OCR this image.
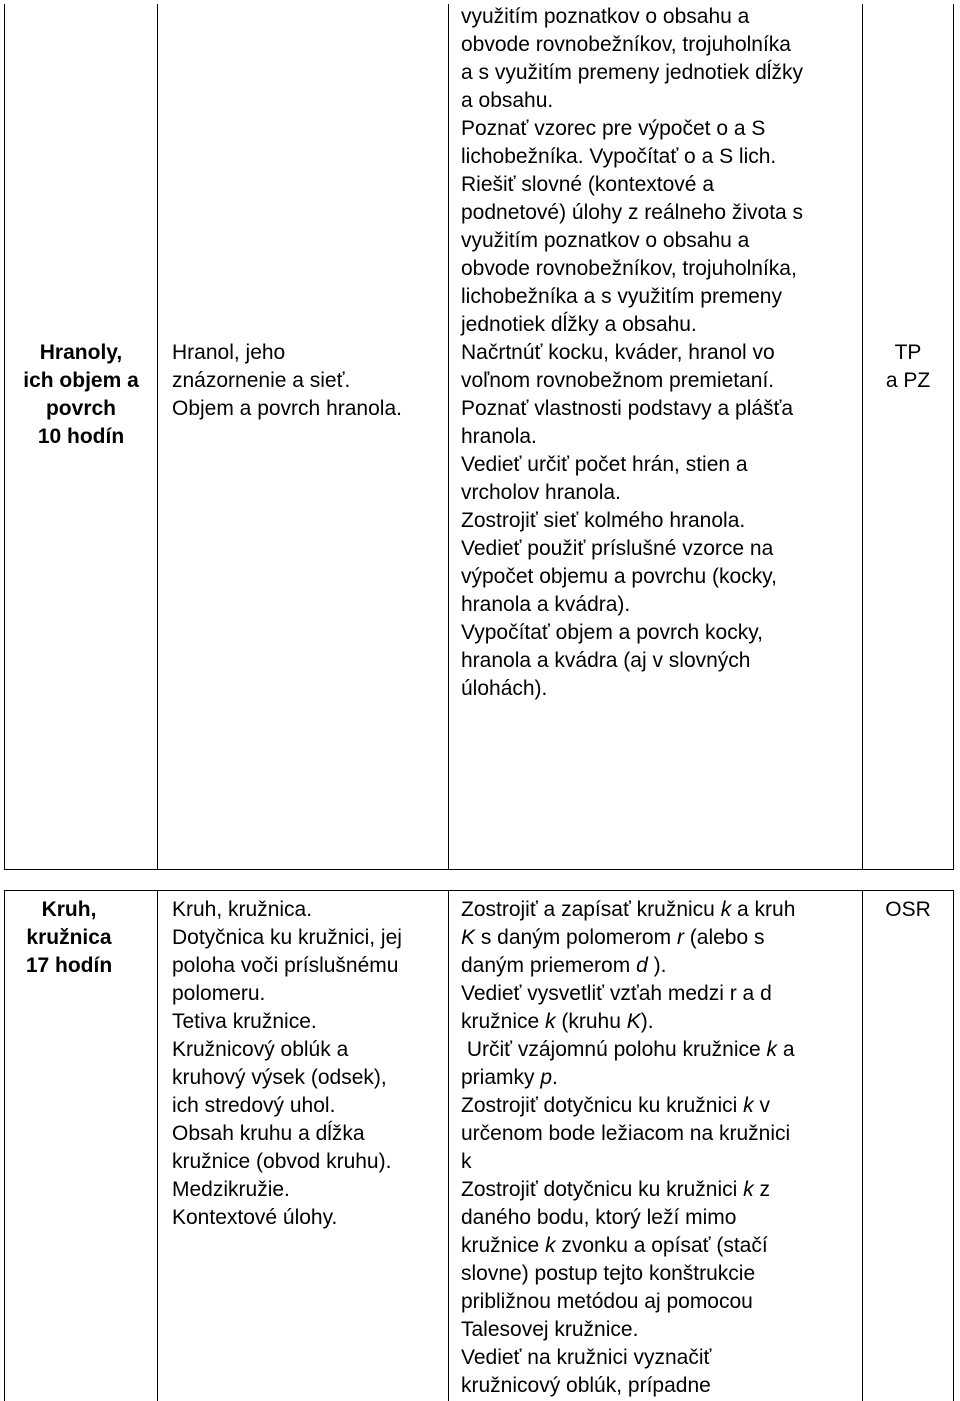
Hranoly,
ich objem a
povrch
10 hodín
Hranol, jeho
znázornenie a sieť.
Objem a povrch hranola.
využitím poznatkov o obsahu a
obvode rovnobežníkov, trojuholníka
a s využitím premeny jednotiek dĺžky
a obsahu.
Poznať vzorec pre výpočet o a S
lichobežníka. Vypočítať o a S lich.
Riešiť slovné (kontextové a
podnetové) úlohy z reálneho života s
využitím poznatkov o obsahu a
obvode rovnobežníkov, trojuholníka,
lichobežníka a s využitím premeny
jednotiek dĺžky a obsahu.
Načrtnúť kocku, kváder, hranol vo
voľnom rovnobežnom premietaní.
Poznať vlastnosti podstavy a plášťa
hranola.
Vedieť určiť počet hrán, stien a
vrcholov hranola.
Zostrojiť sieť kolmého hranola.
Vedieť použiť príslušné vzorce na
výpočet objemu a povrchu (kocky,
hranola a kvádra).
Vypočítať objem a povrch kocky,
hranola a kvádra (aj v slovných
úlohách).
TP
a PZ
Kruh,
kružnica
17 hodín
Kruh, kružnica.
Dotyčnica ku kružnici, jej
poloha voči príslušnému
polomeru.
Tetiva kružnice.
Kružnicový oblúk a
kruhový výsek (odsek),
ich stredový uhol.
Obsah kruhu a dĺžka
kružnice (obvod kruhu).
Medzikružie.
Kontextové úlohy.
Zostrojiť a zapísať kružnicu k a kruh
K s daným polomerom r (alebo s
daným priemerom d ).
Vedieť vysvetliť vzťah medzi r a d
kružnice k (kruhu K).
Určiť vzájomnú polohu kružnice k a
priamky p.
Zostrojiť dotyčnicu ku kružnici k v
určenom bode ležiacom na kružnici
k
Zostrojiť dotyčnicu ku kružnici k z
daného bodu, ktorý leží mimo
kružnice k zvonku a opísať (stačí
slovne) postup tejto konštrukcie
približnou metódou aj pomocou
Talesovej kružnice.
Vedieť na kružnici vyznačiť
kružnicový oblúk, prípadne
OSR
